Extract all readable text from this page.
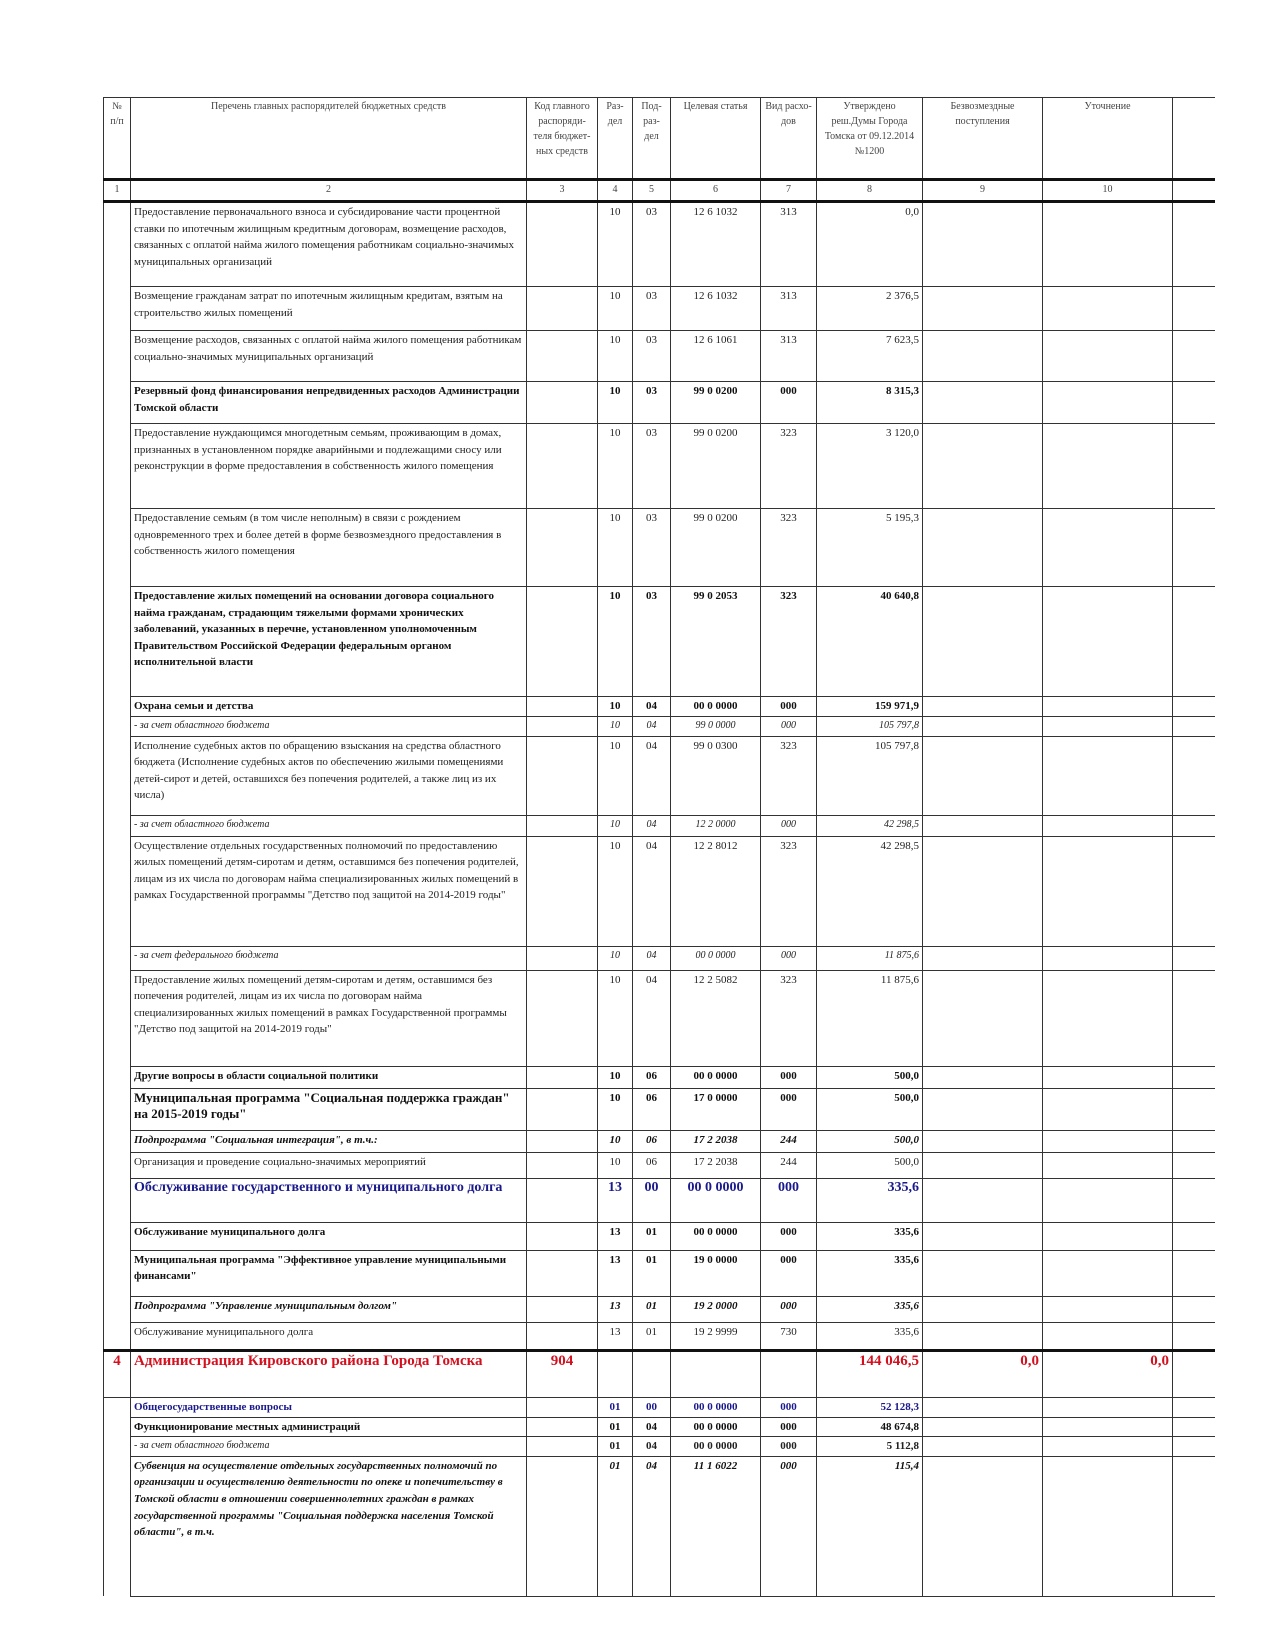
№ п/п	Перечень главных распорядителей бюджетных средств	Код главного распоряди-теля бюджет-ных средств	Раз-дел	Под-раз-дел	Целевая статья	Вид расхо-дов	Утверждено реш.Думы Города Томска от 09.12.2014 №1200	Безвозмездные поступления	Уточнение	
1	2	3	4	5	6	7	8	9	10	
	Предоставление первоначального взноса и субсидирование части процентной ставки по ипотечным жилищным кредитным договорам, возмещение расходов, связанных с оплатой найма жилого помещения работникам социально-значимых муниципальных организаций		10	03	12 6 1032	313	0,0			
	Возмещение гражданам затрат по ипотечным жилищным кредитам, взятым на строительство жилых помещений		10	03	12 6 1032	313	2 376,5			
	Возмещение расходов, связанных с оплатой найма жилого помещения работникам социально-значимых муниципальных организаций		10	03	12 6 1061	313	7 623,5			
	Резервный фонд финансирования непредвиденных расходов Администрации Томской области		10	03	99 0 0200	000	8 315,3			
	Предоставление нуждающимся многодетным семьям, проживающим в домах, признанных в установленном порядке аварийными и подлежащими сносу или реконструкции в форме предоставления в собственность жилого помещения		10	03	99 0 0200	323	3 120,0			
	Предоставление семьям (в том числе неполным) в связи с рождением одновременного трех и более детей в форме безвозмездного предоставления в собственность жилого помещения		10	03	99 0 0200	323	5 195,3			
	Предоставление жилых помещений на основании договора социального найма гражданам, страдающим тяжелыми формами хронических заболеваний, указанных в перечне, установленном уполномоченным Правительством Российской Федерации федеральным органом исполнительной власти		10	03	99 0 2053	323	40 640,8			
	Охрана семьи и детства		10	04	00 0 0000	000	159 971,9			
	- за счет областного бюджета		10	04	99 0 0000	000	105 797,8			
	Исполнение судебных актов по обращению взыскания на средства областного бюджета (Исполнение судебных актов по обеспечению жилыми помещениями детей-сирот и детей, оставшихся без попечения родителей, а также лиц из их числа)		10	04	99 0 0300	323	105 797,8			
	- за счет областного бюджета		10	04	12 2 0000	000	42 298,5			
	Осуществление отдельных государственных полномочий по предоставлению жилых помещений детям-сиротам и детям, оставшимся без попечения родителей, лицам из их числа по договорам найма специализированных жилых помещений в рамках Государственной программы "Детство под защитой на 2014-2019 годы"		10	04	12 2 8012	323	42 298,5			
	- за счет федерального бюджета		10	04	00 0 0000	000	11 875,6			
	Предоставление жилых помещений детям-сиротам и детям, оставшимся без попечения родителей, лицам из их числа по договорам найма специализированных жилых помещений в рамках Государственной программы "Детство под защитой на 2014-2019 годы"		10	04	12 2 5082	323	11 875,6			
	Другие вопросы в области социальной политики		10	06	00 0 0000	000	500,0			
	Муниципальная программа "Социальная поддержка граждан" на 2015-2019 годы"		10	06	17 0 0000	000	500,0			
	Подпрограмма "Социальная интеграция", в т.ч.:		10	06	17 2 2038	244	500,0			
	Организация и проведение социально-значимых мероприятий		10	06	17 2 2038	244	500,0			
	Обслуживание государственного и муниципального долга		13	00	00 0 0000	000	335,6			
	Обслуживание муниципального долга		13	01	00 0 0000	000	335,6			
	Муниципальная программа "Эффективное управление муниципальными финансами"		13	01	19 0 0000	000	335,6			
	Подпрограмма "Управление муниципальным долгом"		13	01	19 2 0000	000	335,6			
	Обслуживание муниципального долга		13	01	19 2 9999	730	335,6			
4	Администрация Кировского района Города Томска	904					144 046,5	0,0	0,0	
	Общегосударственные вопросы		01	00	00 0 0000	000	52 128,3			
	Функционирование местных администраций		01	04	00 0 0000	000	48 674,8			
	- за счет областного бюджета		01	04	00 0 0000	000	5 112,8			
	Субвенция на осуществление отдельных государственных полномочий по организации и осуществлению деятельности по опеке и попечительству в Томской области в отношении совершеннолетних граждан в рамках государственной программы "Социальная поддержка населения Томской области", в т.ч.		01	04	11 1 6022	000	115,4			
